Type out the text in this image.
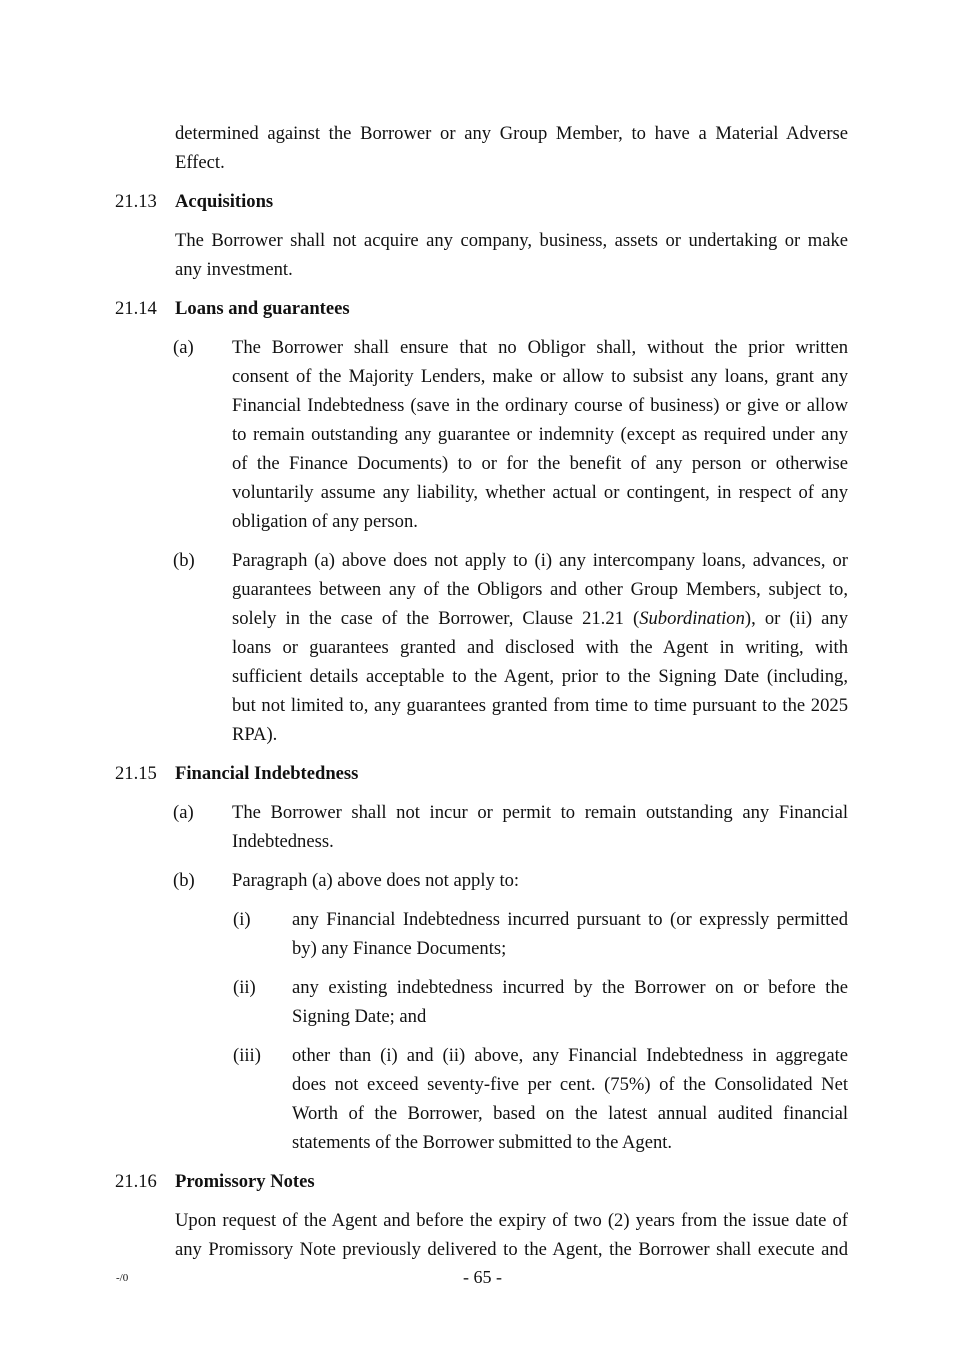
determined against the Borrower or any Group Member, to have a Material Adverse
Effect.
21.13 Acquisitions
The Borrower shall not acquire any company, business, assets or undertaking or make
any investment.
21.14 Loans and guarantees
(a) The Borrower shall ensure that no Obligor shall, without the prior written
consent of the Majority Lenders, make or allow to subsist any loans, grant any
Financial Indebtedness (save in the ordinary course of business) or give or allow
to remain outstanding any guarantee or indemnity (except as required under any
of the Finance Documents) to or for the benefit of any person or otherwise
voluntarily assume any liability, whether actual or contingent, in respect of any
obligation of any person.
(b) Paragraph (a) above does not apply to (i) any intercompany loans, advances, or
guarantees between any of the Obligors and other Group Members, subject to,
solely in the case of the Borrower, Clause 21.21 (Subordination), or (ii) any
loans or guarantees granted and disclosed with the Agent in writing, with
sufficient details acceptable to the Agent, prior to the Signing Date (including,
but not limited to, any guarantees granted from time to time pursuant to the 2025
RPA).
21.15 Financial Indebtedness
(a) The Borrower shall not incur or permit to remain outstanding any Financial
Indebtedness.
(b) Paragraph (a) above does not apply to:
(i) any Financial Indebtedness incurred pursuant to (or expressly permitted
by) any Finance Documents;
(ii) any existing indebtedness incurred by the Borrower on or before the
Signing Date; and
(iii) other than (i) and (ii) above, any Financial Indebtedness in aggregate
does not exceed seventy-five per cent. (75%) of the Consolidated Net
Worth of the Borrower, based on the latest annual audited financial
statements of the Borrower submitted to the Agent.
21.16 Promissory Notes
Upon request of the Agent and before the expiry of two (2) years from the issue date of
any Promissory Note previously delivered to the Agent, the Borrower shall execute and
-/0	- 65 -
